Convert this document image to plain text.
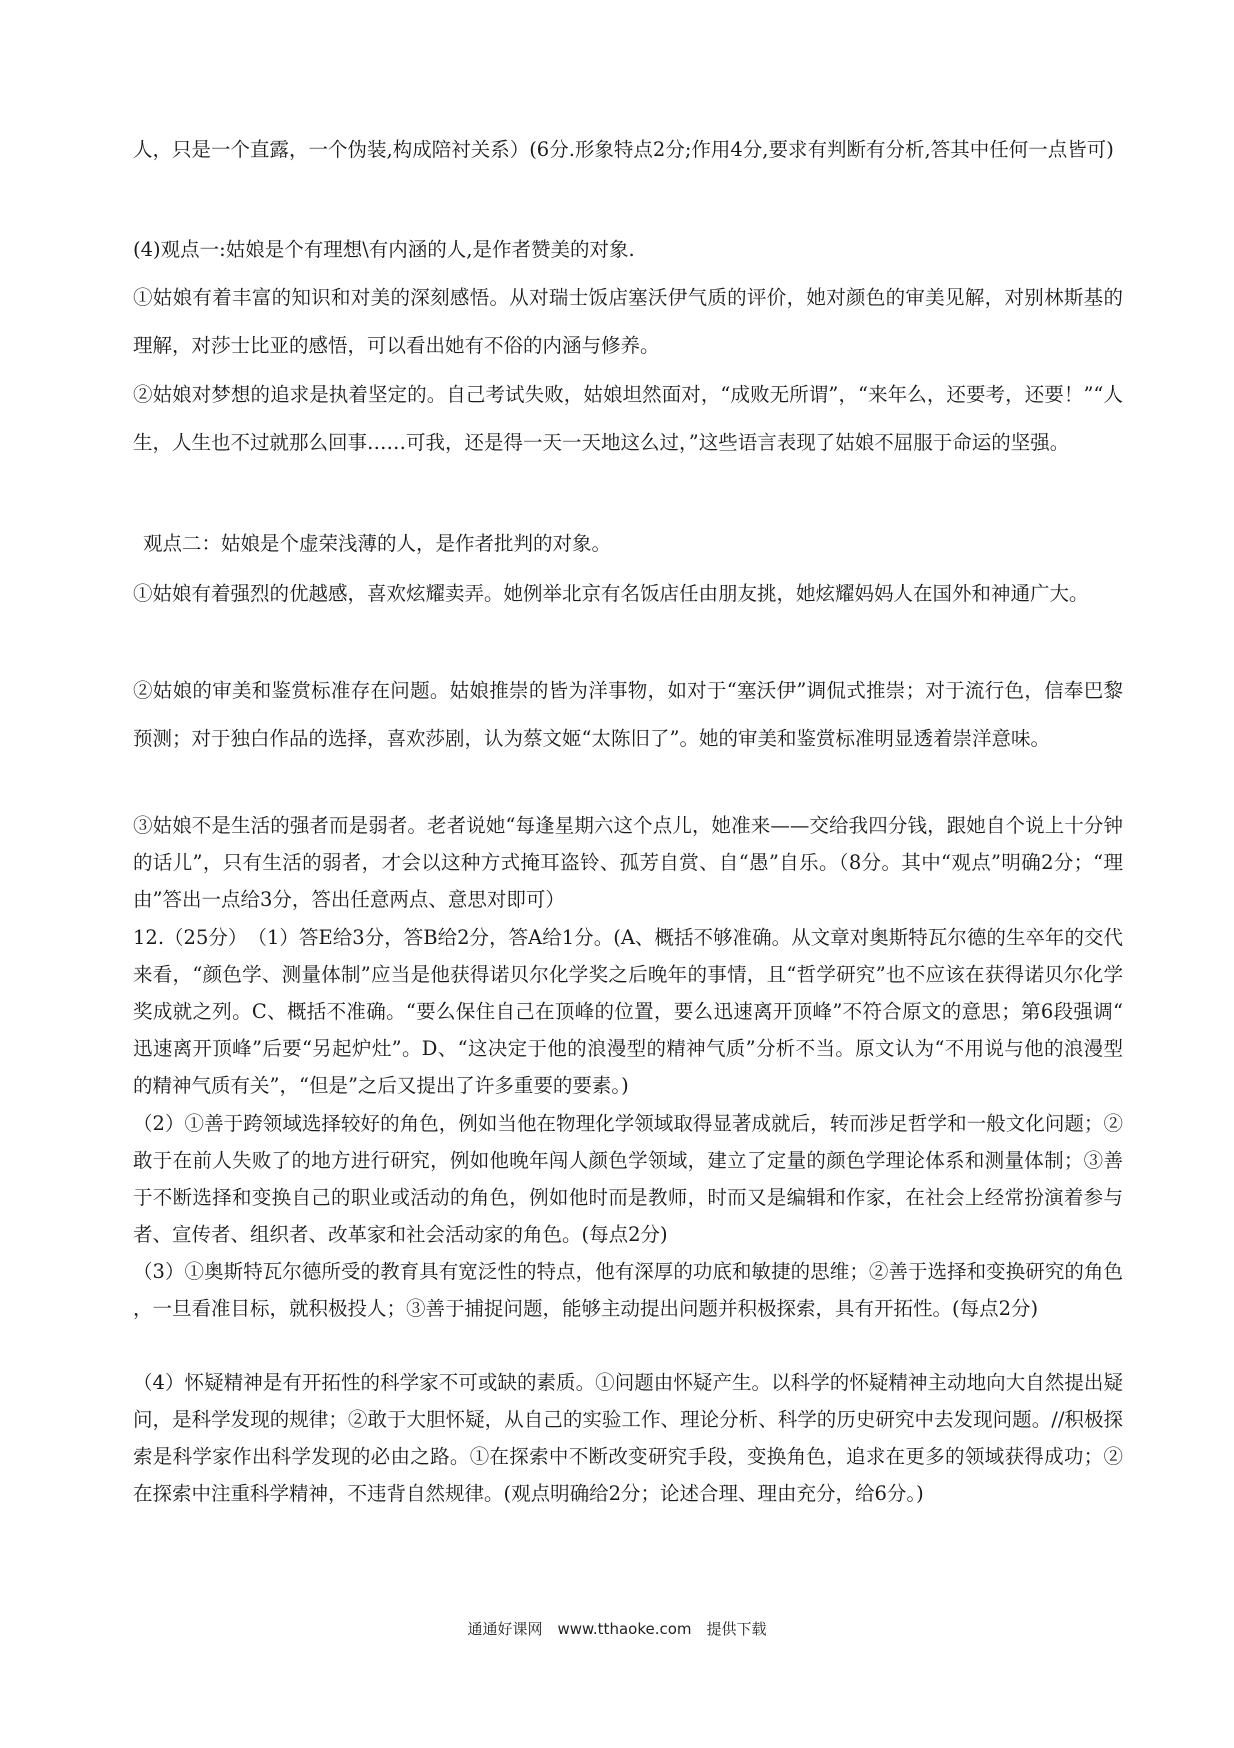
人，只是一个直露，一个伪装,构成陪衬关系）(6分.形象特点2分;作用4分,要求有判断有分析,答其中任何一点皆可)

(4)观点一:姑娘是个有理想\有内涵的人,是作者赞美的对象.

①姑娘有着丰富的知识和对美的深刻感悟。从对瑞士饭店塞沃伊气质的评价，她对颜色的审美见解，对别林斯基的理解，对莎士比亚的感悟，可以看出她有不俗的内涵与修养。

②姑娘对梦想的追求是执着坚定的。自己考试失败，姑娘坦然面对，“成败无所谓”，“来年么，还要考，还要！”“人生，人生也不过就那么回事……可我，还是得一天一天地这么过，”这些语言表现了姑娘不屈服于命运的坚强。

观点二：姑娘是个虚荣浅薄的人，是作者批判的对象。

①姑娘有着强烈的优越感，喜欢炫耀卖弄。她例举北京有名饭店任由朋友挑，她炫耀妈妈人在国外和神通广大。

②姑娘的审美和鉴赏标准存在问题。姑娘推崇的皆为洋事物，如对于“塞沃伊”调侃式推崇；对于流行色，信奉巴黎预测；对于独白作品的选择，喜欢莎剧，认为蔡文姬“太陈旧了”。她的审美和鉴赏标准明显透着崇洋意味。

③姑娘不是生活的强者而是弱者。老者说她“每逢星期六这个点儿，她准来——交给我四分钱，跟她自个说上十分钟的话儿”，只有生活的弱者，才会以这种方式掩耳盗铃、孤芳自赏、自“愚”自乐。（8分。其中“观点”明确2分；“理由”答出一点给3分，答出任意两点、意思对即可）

12.（25分）　（1）答E给3分，答B给2分，答A给1分。(A、概括不够准确。从文章对奥斯特瓦尔德的生卒年的交代来看，“颜色学、测量体制”应当是他获得诺贝尔化学奖之后晚年的事情，且“哲学研究”也不应该在获得诺贝尔化学奖成就之列。C、概括不准确。“要么保住自己在顶峰的位置，要么迅速离开顶峰”不符合原文的意思；第6段强调“迅速离开顶峰”后要“另起炉灶”。D、“这决定于他的浪漫型的精神气质”分析不当。原文认为“不用说与他的浪漫型的精神气质有关”，“但是”之后又提出了许多重要的要素。)

（2）①善于跨领域选择较好的角色，例如当他在物理化学领域取得显著成就后，转而涉足哲学和一般文化问题；②敢于在前人失败了的地方进行研究，例如他晚年闯人颜色学领域，建立了定量的颜色学理论体系和测量体制；③善于不断选择和变换自己的职业或活动的角色，例如他时而是教师，时而又是编辑和作家，在社会上经常扮演着参与者、宣传者、组织者、改革家和社会活动家的角色。(每点2分)

（3）①奥斯特瓦尔德所受的教育具有宽泛性的特点，他有深厚的功底和敏捷的思维；②善于选择和变换研究的角色，一旦看准目标，就积极投人；③善于捕捉问题，能够主动提出问题并积极探索，具有开拓性。(每点2分)

（4）怀疑精神是有开拓性的科学家不可或缺的素质。①问题由怀疑产生。以科学的怀疑精神主动地向大自然提出疑问，是科学发现的规律；②敢于大胆怀疑，从自己的实验工作、理论分析、科学的历史研究中去发现问题。//积极探索是科学家作出科学发现的必由之路。①在探索中不断改变研究手段，变换角色，追求在更多的领域获得成功；②在探索中注重科学精神，不违背自然规律。(观点明确给2分；论述合理、理由充分，给6分。)

通通好课网　www.tthaoke.com　提供下载
